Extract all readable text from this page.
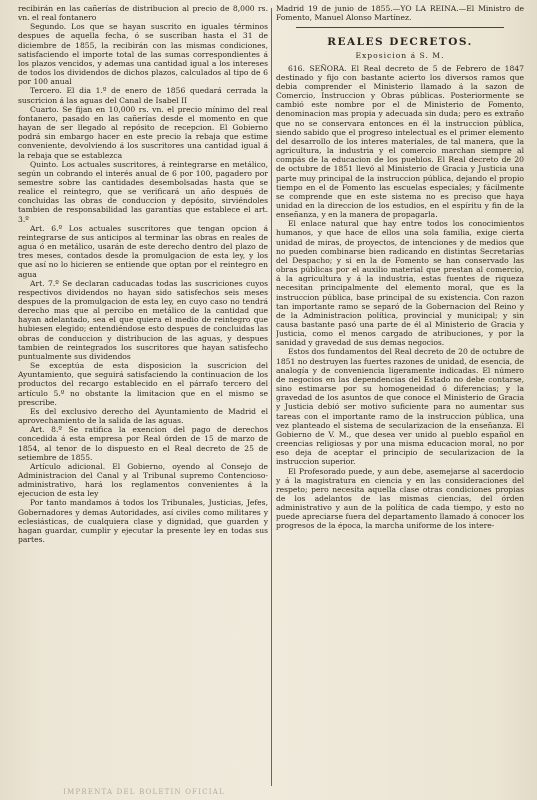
recibirán en las cañerías de distribucion al precio de 8,000 rs. vn. el real fontanero

Segundo. Los que se hayan suscrito en iguales términos despues de aquella fecha, ó se suscriban hasta el 31 de diciembre de 1855, la recibirán con las mismas condiciones, satisfaciendo el importe total de las sumas correspondientes á los plazos vencidos, y ademas una cantidad igual a los intereses de todos los dividendos de dichos plazos, calculados al tipo de 6 por 100 anual

Tercero. El dia 1.º de enero de 1856 quedará cerrada la suscricion á las aguas del Canal de Isabel II

Cuarto. Se fijan en 10,000 rs. vn. el precio mínimo del real fontanero, pasado en las cañerías desde el momento en que hayan de ser llegado al repósito de recepcion. El Gobierno podrá sin embargo hacer en este precio la rebaja que estime conveniente, devolviendo á los suscritores una cantidad igual á la rebaja que se establezca

Quinto. Los actuales suscritores, á reintegrarse en metálico, según un cobrando el interés anual de 6 por 100, pagadero por semestre sobre las cantidades desembolsadas hasta que se realice el reintegro, que se verificará un año después de concluidas las obras de conduccion y depósito, sirviéndoles tambien de responsabilidad las garantías que establece el art. 3.º

Art. 6.º Los actuales suscritores que tengan opcion á reintegrarse de sus anticipos al terminar las obras en reales de agua ó en metálico, usarán de este derecho dentro del plazo de tres meses, contados desde la promulgacion de esta ley, y los que así no lo hicieren se entiende que optan por el reintegro en agua

Art. 7.º Se declaran caducadas todas las suscriciones cuyos respectivos dividendos no hayan sido satisfechos seis meses despues de la promulgacion de esta ley, en cuyo caso no tendrá derecho mas que al percibo en metálico de la cantidad que hayan adelantado, sea el que quiera el medio de reintegro que hubiesen elegido; entendiéndose esto despues de concluidas las obras de conduccion y distribucion de las aguas, y despues tambien de reintegrados los suscritores que hayan satisfecho puntualmente sus dividendos

Se exceptúa de esta disposicion la suscricion del Ayuntamiento, que seguirá satisfaciendo la continuacion de los productos del recargo establecido en el párrafo tercero del artículo 5.º no obstante la limitacion que en el mismo se prescribe.

Es del exclusivo derecho del Ayuntamiento de Madrid el aprovechamiento de la salida de las aguas.

Art. 8.º Se ratifica la exencion del pago de derechos concedida á esta empresa por Real órden de 15 de marzo de 1854, al tenor de lo dispuesto en el Real decreto de 25 de setiembre de 1855.

Artículo adicional. El Gobierno, oyendo al Consejo de Administracion del Canal y al Tribunal supremo Contencioso-administrativo, hará los reglamentos convenientes á la ejecucion de esta ley

Por tanto mandamos á todos los Tribunales, Justicias, Jefes, Gobernadores y demas Autoridades, así civiles como militares y eclesiásticas, de cualquiera clase y dignidad, que guarden y hagan guardar, cumplir y ejecutar la presente ley en todas sus partes.

IMPRENTA DEL BOLETIN OFICIAL

Madrid 19 de junio de 1855.—YO LA REINA.—El Ministro de Fomento, Manuel Alonso Martínez.

REALES DECRETOS.
Exposicion á S. M.

616. SEÑORA. El Real decreto de 5 de Febrero de 1847 destinado y fijo con bastante acierto los diversos ramos que debia comprender el Ministerio llamado á la sazon de Comercio, Instruccion y Obras públicas. Posteriormente se cambió este nombre por el de Ministerio de Fomento, denominacion mas propia y adecuada sin duda; pero es extraño que no se conservara entonces en él la instruccion pública, siendo sabido que el progreso intelectual es el primer elemento del desarrollo de los interes materiales, de tal manera, que la agricultura, la industria y el comercio marchan siempre al compás de la educacion de los pueblos. El Real decreto de 20 de octubre de 1851 llevó al Ministerio de Gracia y Justicia una parte muy principal de la instruccion pública, dejando el propio tiempo en el de Fomento las escuelas especiales; y fácilmente se comprende que en este sistema no es preciso que haya unidad en la direccion de los estudios, en el espíritu y fin de la enseñanza, y en la manera de propagarla.

El enlace natural que hay entre todos los conocimientos humanos, y que hace de ellos una sola familia, exige cierta unidad de miras, de proyectos, de intenciones y de medios que no pueden combinarse bien radicando en distintas Secretarías del Despacho; y si en la de Fomento se han conservado las obras públicas por el auxilio material que prestan al comercio, á la agricultura y á la industria, estas fuentes de riqueza necesitan principalmente del elemento moral, que es la instruccion pública, base principal de su existencia. Con razon tan importante ramo se separó de la Gobernacion del Reino y de la Administracion política, provincial y municipal; y sin causa bastante pasó una parte de él al Ministerio de Gracia y Justicia, como el menos cargado de atribuciones, y por la sanidad y gravedad de sus demas negocios.

Estos dos fundamentos del Real decreto de 20 de octubre de 1851 no destruyen las fuertes razones de unidad, de esencia, de analogía y de conveniencia ligeramente indicadas. El número de negocios en las dependencias del Estado no debe contarse, sino estimarse por su homogeneidad ó diferencias; y la gravedad de los asuntos de que conoce el Ministerio de Gracia y Justicia debió ser motivo suficiente para no aumentar sus tareas con el importante ramo de la instruccion pública, una vez planteado el sistema de secularizacion de la enseñanza. El Gobierno de V. M., que desea ver unido al pueblo español en creencias religiosas y por una misma educacion moral, no por eso deja de aceptar el principio de secularizacion de la instruccion superior.

El Profesorado puede, y aun debe, asemejarse al sacerdocio y á la magistratura en ciencia y en las consideraciones del respeto; pero necesita aquella clase otras condiciones propias de los adelantos de las mismas ciencias, del órden administrativo y aun de la política de cada tiempo, y esto no puede apreciarse fuera del departamento llamado á conocer los progresos de la época, la marcha uniforme de los intere-
